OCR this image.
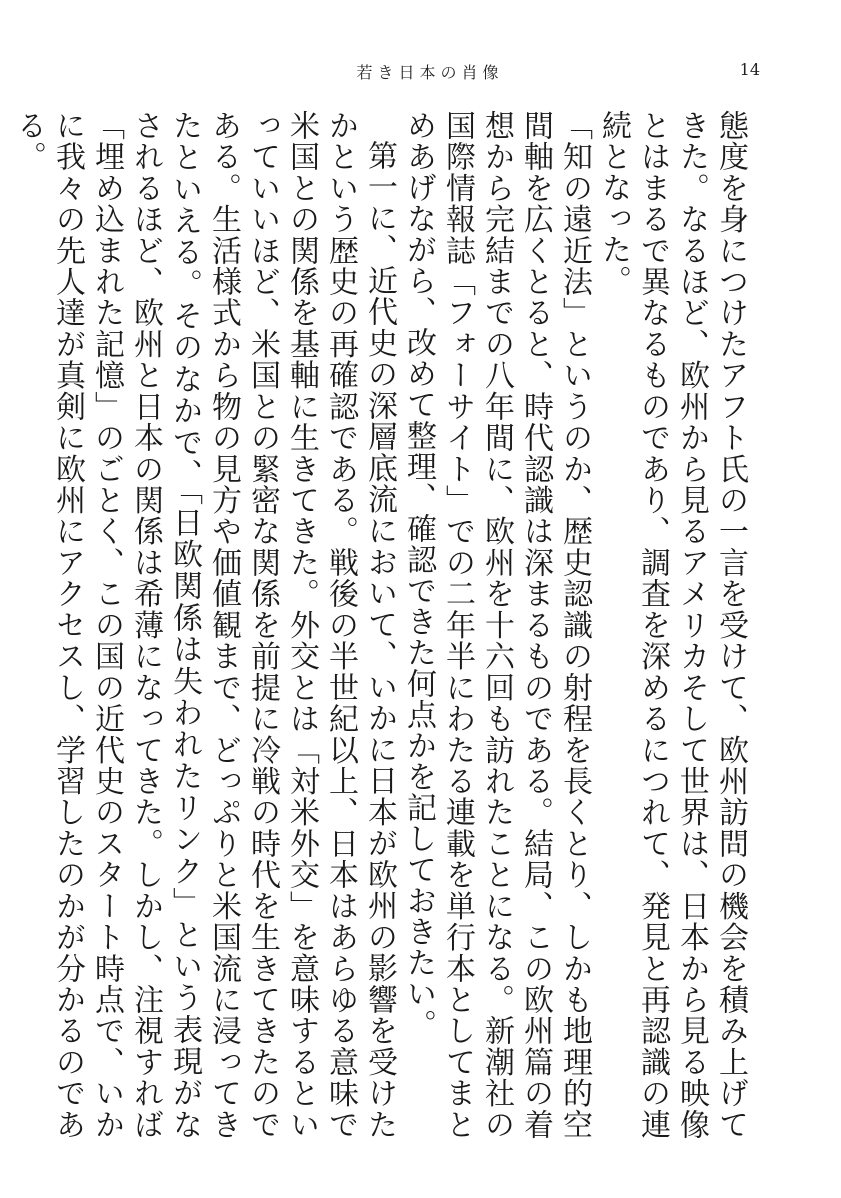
若き日本の肖像	14

態度を身につけたアフト氏の一言を受けて、欧州訪問の機会を積み上げてきた。なるほど、欧州から見るアメリカそして世界は、日本から見る映像とはまるで異なるものであり、調査を深めるにつれて、発見と再認識の連続となった。

「知の遠近法」というのか、歴史認識の射程を長くとり、しかも地理的空間軸を広くとると、時代認識は深まるものである。結局、この欧州篇の着想から完結までの八年間に、欧州を十六回も訪れたことになる。新潮社の国際情報誌「フォーサイト」での二年半にわたる連載を単行本としてまとめあげながら、改めて整理、確認できた何点かを記しておきたい。

第一に、近代史の深層底流において、いかに日本が欧州の影響を受けたかという歴史の再確認である。戦後の半世紀以上、日本はあらゆる意味で米国との関係を基軸に生きてきた。外交とは「対米外交」を意味するといっていいほど、米国との緊密な関係を前提に冷戦の時代を生きてきたのである。生活様式から物の見方や価値観まで、どっぷりと米国流に浸ってきたといえる。そのなかで、「日欧関係は失われたリンク」という表現がなされるほど、欧州と日本の関係は希薄になってきた。しかし、注視すれば「埋め込まれた記憶」のごとく、この国の近代史のスタート時点で、いかに我々の先人達が真剣に欧州にアクセスし、学習したのかが分かるのである。
